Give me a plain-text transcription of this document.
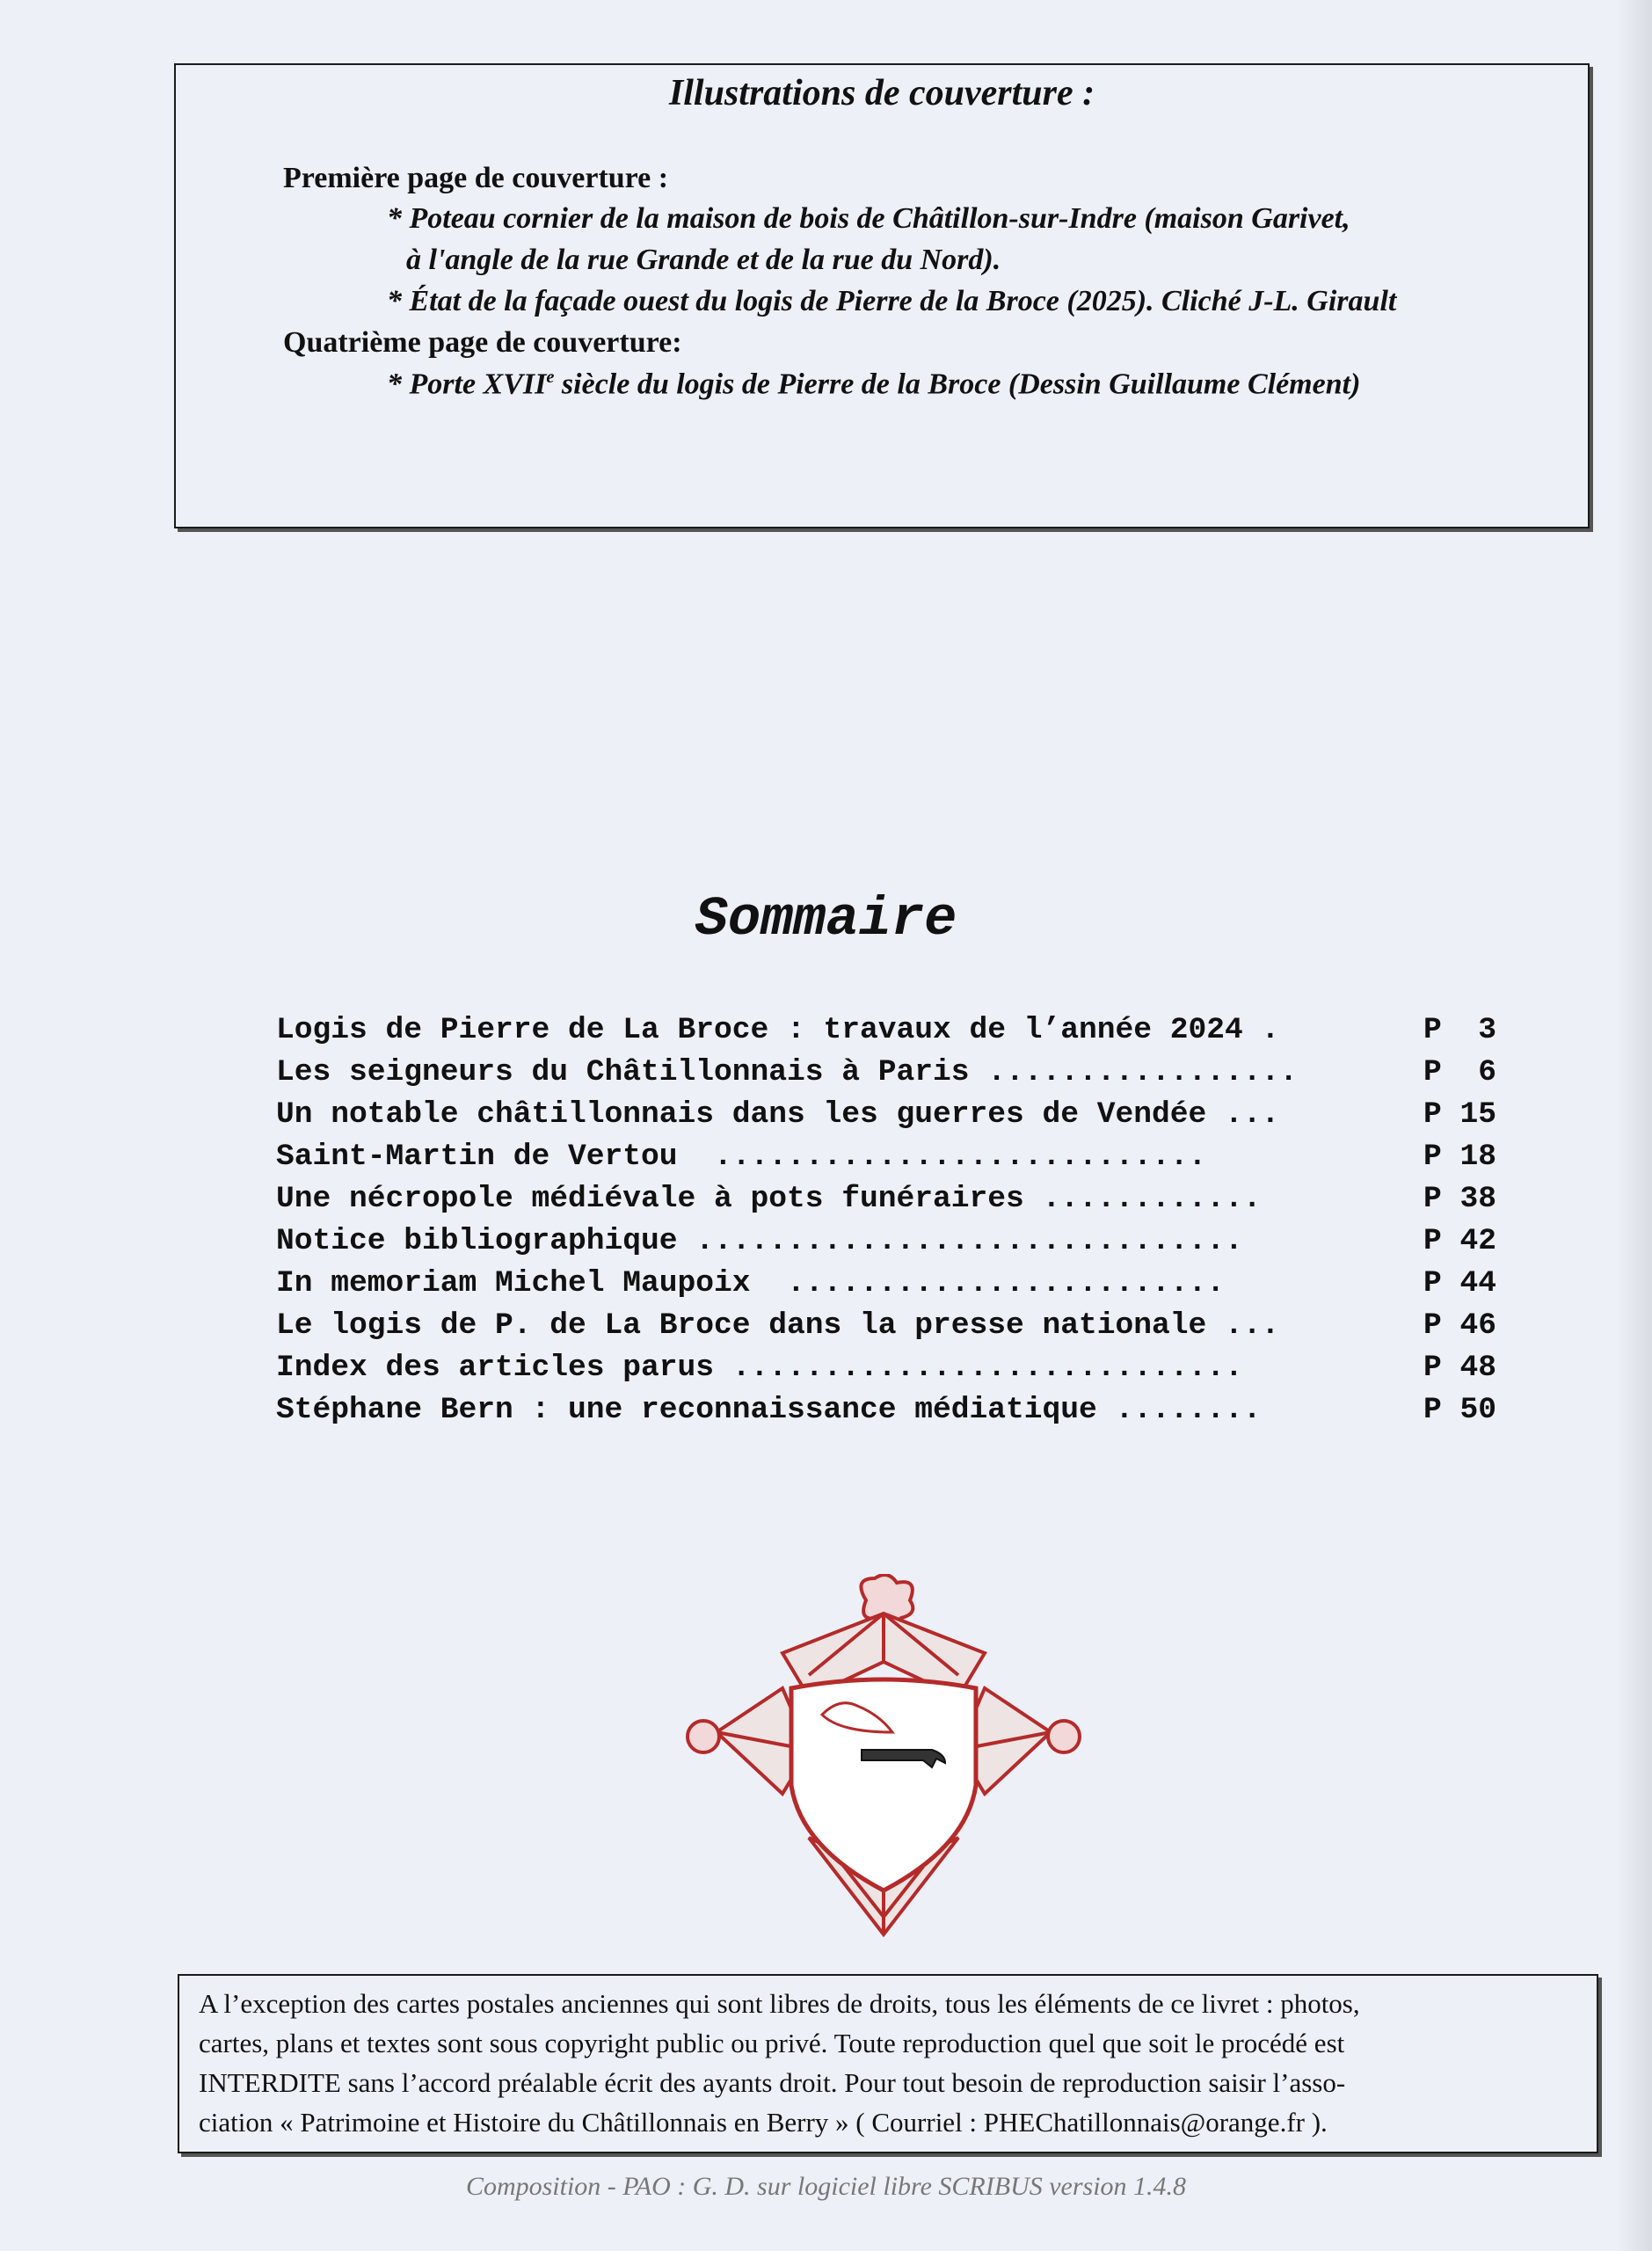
Illustrations de couverture :
Première page de couverture :
* Poteau cornier de la maison de bois de Châtillon-sur-Indre (maison Garivet,
à l'angle de la rue Grande et de la rue du Nord).
* État de la façade ouest du logis de Pierre de la Broce (2025). Cliché J-L. Girault
Quatrième page de couverture:
* Porte XVIIe siècle du logis de Pierre de la Broce (Dessin Guillaume Clément)
Sommaire
Logis de Pierre de La Broce : travaux de l’année 2024 .	P  3
Les seigneurs du Châtillonnais à Paris .................	P  6
Un notable châtillonnais dans les guerres de Vendée ...	P 15
Saint-Martin de Vertou ...........................	P 18
Une nécropole médiévale à pots funéraires ............	P 38
Notice bibliographique ..............................	P 42
In memoriam Michel Maupoix ........................	P 44
Le logis de P. de La Broce dans la presse nationale ...	P 46
Index des articles parus ............................	P 48
Stéphane Bern : une reconnaissance médiatique ........	P 50
A l’exception des cartes postales anciennes qui sont libres de droits, tous les éléments de ce livret : photos,
cartes, plans et textes sont sous copyright public ou privé. Toute reproduction quel que soit le procédé est
INTERDITE sans l’accord préalable écrit des ayants droit. Pour tout besoin de reproduction saisir l’asso-
ciation « Patrimoine et Histoire du Châtillonnais en Berry » ( Courriel : PHEChatillonnais@orange.fr ).
Composition - PAO : G. D. sur logiciel libre SCRIBUS version 1.4.8
